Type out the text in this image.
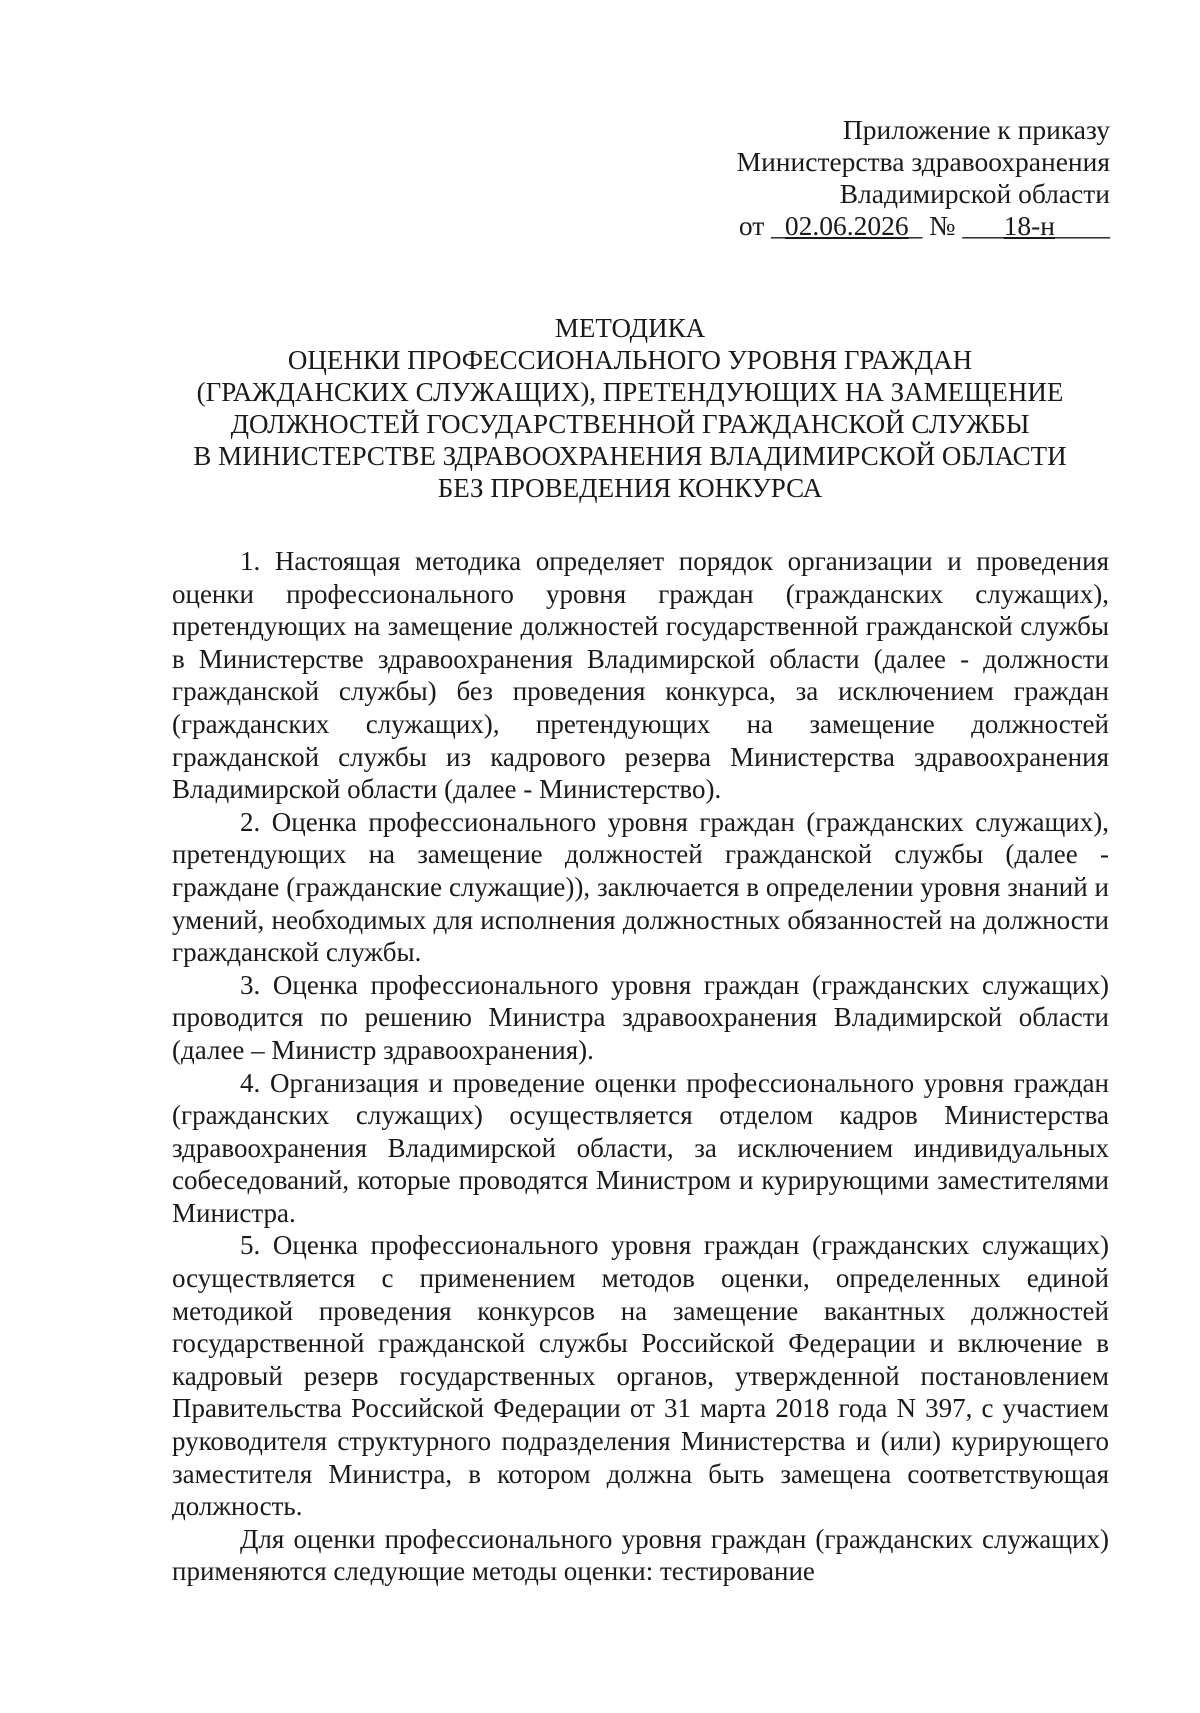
Приложение к приказу
Министерства здравоохранения
Владимирской области
от _02.06.2026_ № ___18-н____
МЕТОДИКА
ОЦЕНКИ ПРОФЕССИОНАЛЬНОГО УРОВНЯ ГРАЖДАН
(ГРАЖДАНСКИХ СЛУЖАЩИХ), ПРЕТЕНДУЮЩИХ НА ЗАМЕЩЕНИЕ
ДОЛЖНОСТЕЙ ГОСУДАРСТВЕННОЙ ГРАЖДАНСКОЙ СЛУЖБЫ
В МИНИСТЕРСТВЕ ЗДРАВООХРАНЕНИЯ ВЛАДИМИРСКОЙ ОБЛАСТИ
БЕЗ ПРОВЕДЕНИЯ КОНКУРСА

1. Настоящая методика определяет порядок организации и проведения оценки профессионального уровня граждан (гражданских служащих), претендующих на замещение должностей государственной гражданской службы в Министерстве здравоохранения Владимирской области (далее - должности гражданской службы) без проведения конкурса, за исключением граждан (гражданских служащих), претендующих на замещение должностей гражданской службы из кадрового резерва Министерства здравоохранения Владимирской области (далее - Министерство).

2. Оценка профессионального уровня граждан (гражданских служащих), претендующих на замещение должностей гражданской службы (далее - граждане (гражданские служащие)), заключается в определении уровня знаний и умений, необходимых для исполнения должностных обязанностей на должности гражданской службы.

3. Оценка профессионального уровня граждан (гражданских служащих) проводится по решению Министра здравоохранения Владимирской области (далее – Министр здравоохранения).

4. Организация и проведение оценки профессионального уровня граждан (гражданских служащих) осуществляется отделом кадров Министерства здравоохранения Владимирской области, за исключением индивидуальных собеседований, которые проводятся Министром и курирующими заместителями Министра.

5. Оценка профессионального уровня граждан (гражданских служащих) осуществляется с применением методов оценки, определенных единой методикой проведения конкурсов на замещение вакантных должностей государственной гражданской службы Российской Федерации и включение в кадровый резерв государственных органов, утвержденной постановлением Правительства Российской Федерации от 31 марта 2018 года N 397, с участием руководителя структурного подразделения Министерства и (или) курирующего заместителя Министра, в котором должна быть замещена соответствующая должность.

Для оценки профессионального уровня граждан (гражданских служащих) применяются следующие методы оценки: тестирование
